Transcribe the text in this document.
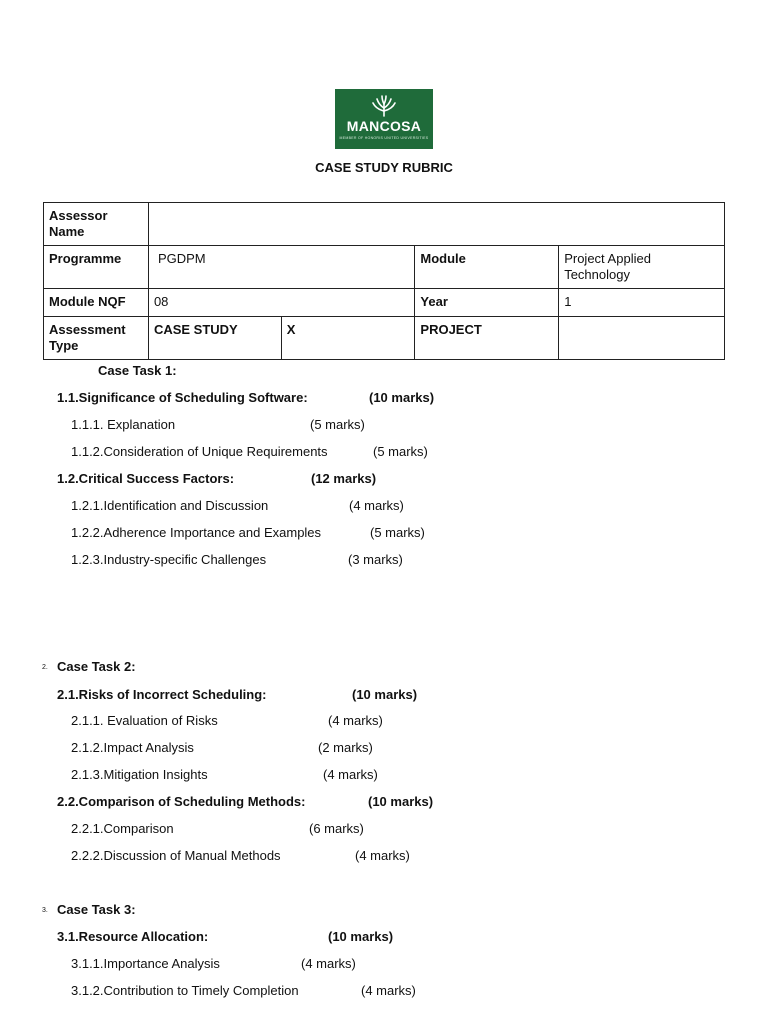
MANCOSA
MEMBER OF HONORIS UNITED UNIVERSITIES
CASE STUDY RUBRIC
Assessor Name				
Programme	PGDPM		Module	Project Applied Technology
Module NQF	08		Year	1
Assessment Type	CASE STUDY	X	PROJECT	
Case Task 1:
1.1.Significance of Scheduling Software:	(10 marks)
1.1.1. Explanation	(5 marks)
1.1.2.Consideration of Unique Requirements	(5 marks)
1.2.Critical Success Factors:	(12 marks)
1.2.1.Identification and Discussion	(4 marks)
1.2.2.Adherence Importance and Examples	(5 marks)
1.2.3.Industry-specific Challenges	(3 marks)
2. Case Task 2:
2.1.Risks of Incorrect Scheduling:	(10 marks)
2.1.1. Evaluation of Risks	(4 marks)
2.1.2.Impact Analysis	(2 marks)
2.1.3.Mitigation Insights	(4 marks)
2.2.Comparison of Scheduling Methods:	(10 marks)
2.2.1.Comparison	(6 marks)
2.2.2.Discussion of Manual Methods	(4 marks)
3. Case Task 3:
3.1.Resource Allocation:	(10 marks)
3.1.1.Importance Analysis	(4 marks)
3.1.2.Contribution to Timely Completion	(4 marks)
